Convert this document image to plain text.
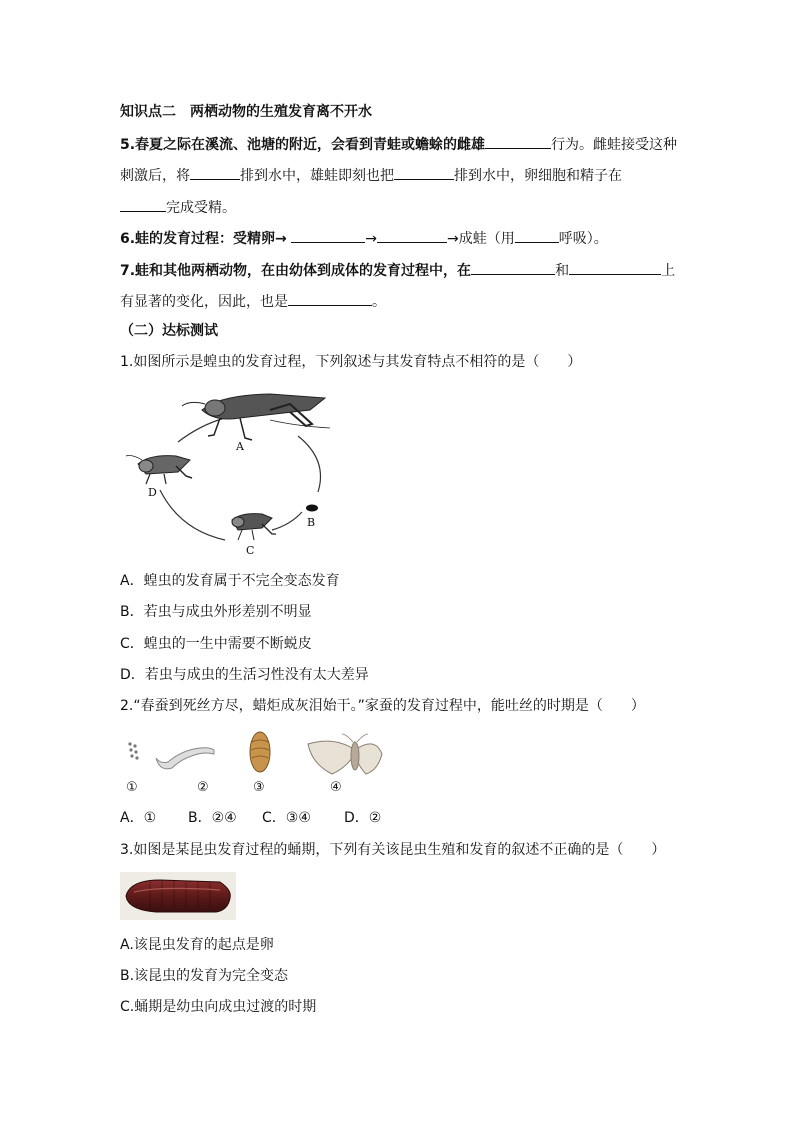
知识点二　两栖动物的生殖发育离不开水
5.春夏之际在溪流、池塘的附近，会看到青蛙或蟾蜍的雌雄	行为。雌蛙接受这种
刺激后，将	排到水中，雄蛙即刻也把	排到水中，卵细胞和精子在
完成受精。
6.蛙的发育过程：受精卵→	→	→成蛙（用	呼吸）。
7.蛙和其他两栖动物，在由幼体到成体的发育过程中，在	和	上
有显著的变化，因此，也是	。
（二）达标测试
1.如图所示是蝗虫的发育过程，下列叙述与其发育特点不相符的是（　　）
A
B
C
D
A．蝗虫的发育属于不完全变态发育
B．若虫与成虫外形差别不明显
C．蝗虫的一生中需要不断蜕皮
D．若虫与成虫的生活习性没有太大差异
2.“春蚕到死丝方尽，蜡炬成灰泪始干。”家蚕的发育过程中，能吐丝的时期是（　　）
①	②	③	④
A．① B．②④ C．③④ D．②
3.如图是某昆虫发育过程的蛹期，下列有关该昆虫生殖和发育的叙述不正确的是（　　）
A.该昆虫发育的起点是卵
B.该昆虫的发育为完全变态
C.蛹期是幼虫向成虫过渡的时期
